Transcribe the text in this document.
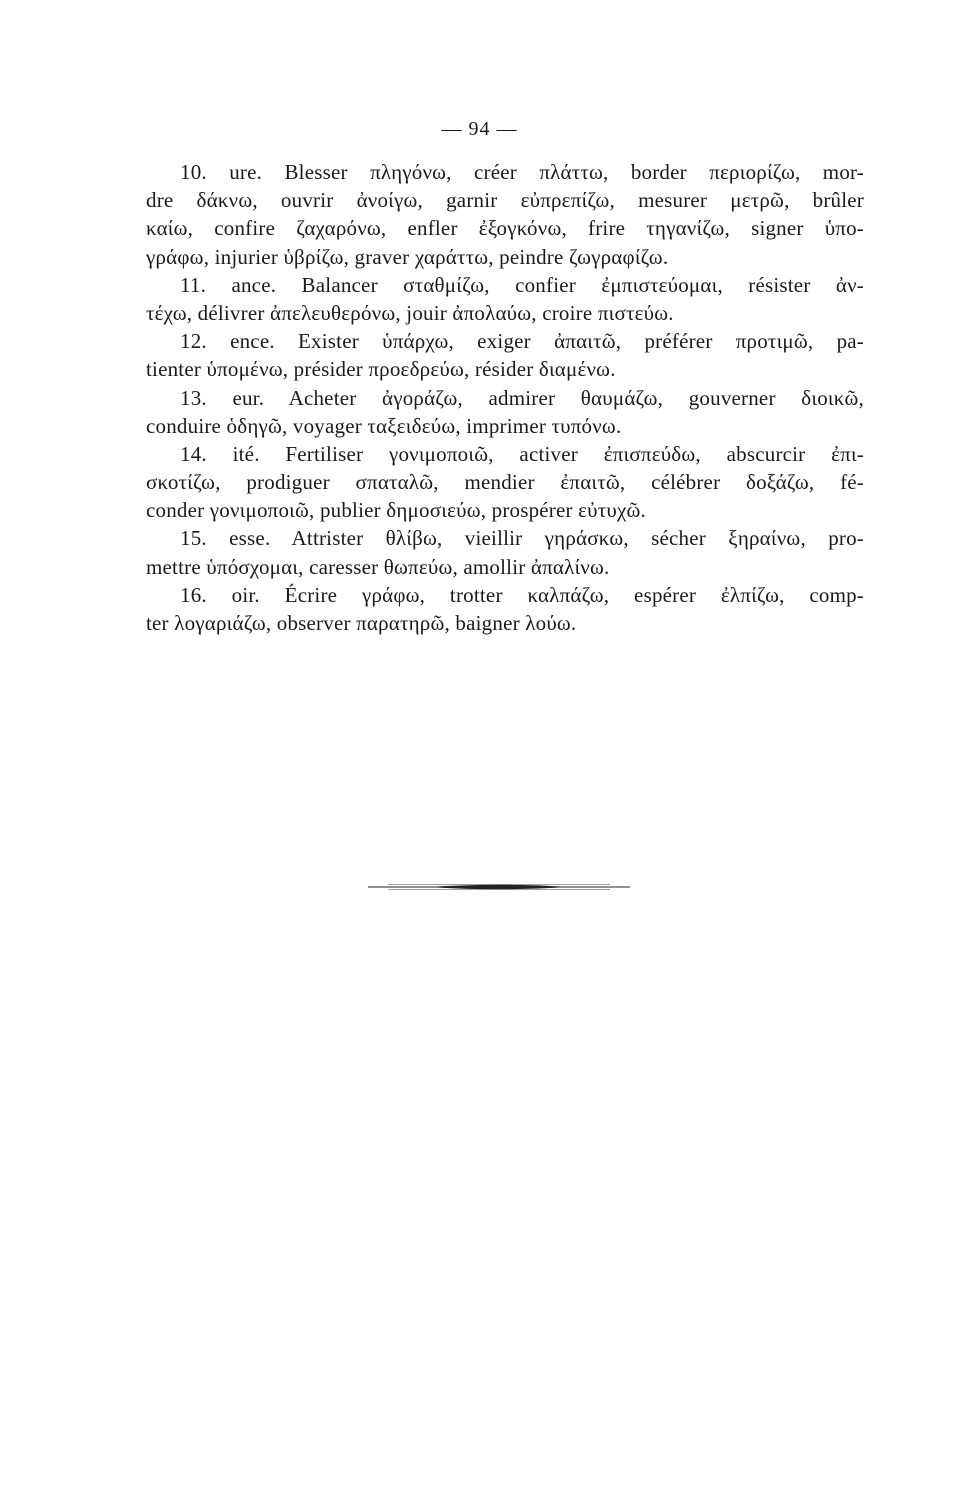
— 94 —
10. ure. Blesser πληγόνω, créer πλάττω, border περιορίζω, mor-
dre δάκνω, ouvrir ἀνοίγω, garnir εὐπρεπίζω, mesurer μετρῶ, brûler
καίω, confire ζαχαρόνω, enfler ἐξογκόνω, frire τηγανίζω, signer ὑπο-
γράφω, injurier ὑβρίζω, graver χαράττω, peindre ζωγραφίζω.
11. ance. Balancer σταθμίζω, confier ἐμπιστεύομαι, résister ἀν-
τέχω, délivrer ἀπελευθερόνω, jouir ἀπολαύω, croire πιστεύω.
12. ence. Exister ὑπάρχω, exiger ἀπαιτῶ, préférer προτιμῶ, pa-
tienter ὑπομένω, présider προεδρεύω, résider διαμένω.
13. eur. Acheter ἀγοράζω, admirer θαυμάζω, gouverner διοικῶ,
conduire ὁδηγῶ, voyager ταξειδεύω, imprimer τυπόνω.
14. ité. Fertiliser γονιμοποιῶ, activer ἐπισπεύδω, abscurcir ἐπι-
σκοτίζω, prodiguer σπαταλῶ, mendier ἐπαιτῶ, célébrer δοξάζω, fé-
conder γονιμοποιῶ, publier δημοσιεύω, prospérer εὐτυχῶ.
15. esse. Attrister θλίβω, vieillir γηράσκω, sécher ξηραίνω, pro-
mettre ὑπόσχομαι, caresser θωπεύω, amollir ἀπαλίνω.
16. oir. Écrire γράφω, trotter καλπάζω, espérer ἐλπίζω, comp-
ter λογαριάζω, observer παρατηρῶ, baigner λούω.
